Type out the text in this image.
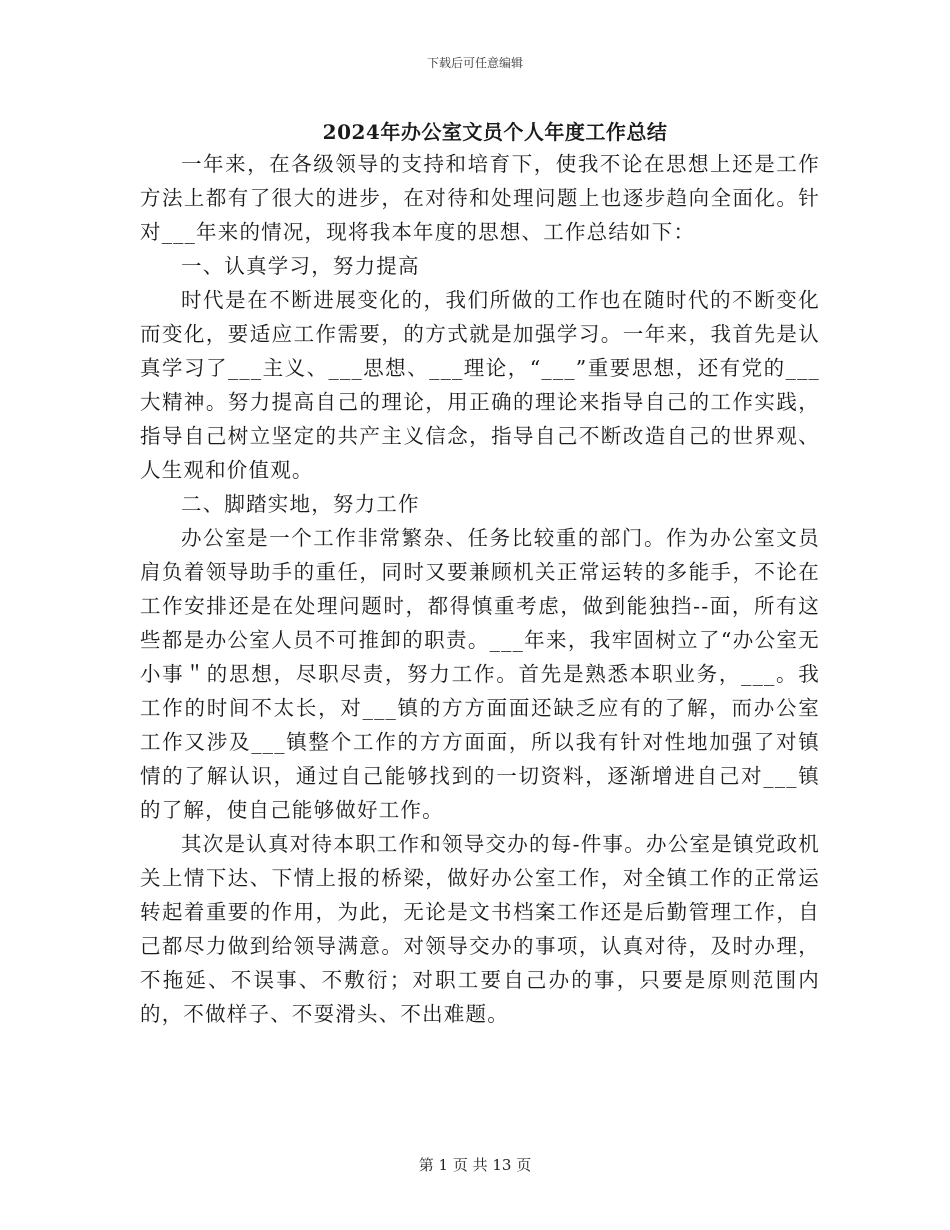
下载后可任意编辑
2024年办公室文员个人年度工作总结

一年来，在各级领导的支持和培育下，使我不论在思想上还是工作方法上都有了很大的进步，在对待和处理问题上也逐步趋向全面化。针对___年来的情况，现将我本年度的思想、工作总结如下：

一、认真学习，努力提高

时代是在不断进展变化的，我们所做的工作也在随时代的不断变化而变化，要适应工作需要，的方式就是加强学习。一年来，我首先是认真学习了___主义、___思想、___理论，“___”重要思想，还有党的___大精神。努力提高自己的理论，用正确的理论来指导自己的工作实践，指导自己树立坚定的共产主义信念，指导自己不断改造自己的世界观、人生观和价值观。

二、脚踏实地，努力工作

办公室是一个工作非常繁杂、任务比较重的部门。作为办公室文员肩负着领导助手的重任，同时又要兼顾机关正常运转的多能手，不论在工作安排还是在处理问题时，都得慎重考虑，做到能独挡--面，所有这些都是办公室人员不可推卸的职责。___年来，我牢固树立了“办公室无小事＂的思想，尽职尽责，努力工作。首先是熟悉本职业务，___。我工作的时间不太长，对___镇的方方面面还缺乏应有的了解，而办公室工作又涉及___镇整个工作的方方面面，所以我有针对性地加强了对镇情的了解认识，通过自己能够找到的一切资料，逐渐增进自己对___镇的了解，使自己能够做好工作。

其次是认真对待本职工作和领导交办的每-件事。办公室是镇党政机关上情下达、下情上报的桥梁，做好办公室工作，对全镇工作的正常运转起着重要的作用，为此，无论是文书档案工作还是后勤管理工作，自己都尽力做到给领导满意。对领导交办的事项，认真对待，及时办理，不拖延、不误事、不敷衍；对职工要自己办的事，只要是原则范围内的，不做样子、不耍滑头、不出难题。

第 1 页 共 13 页
